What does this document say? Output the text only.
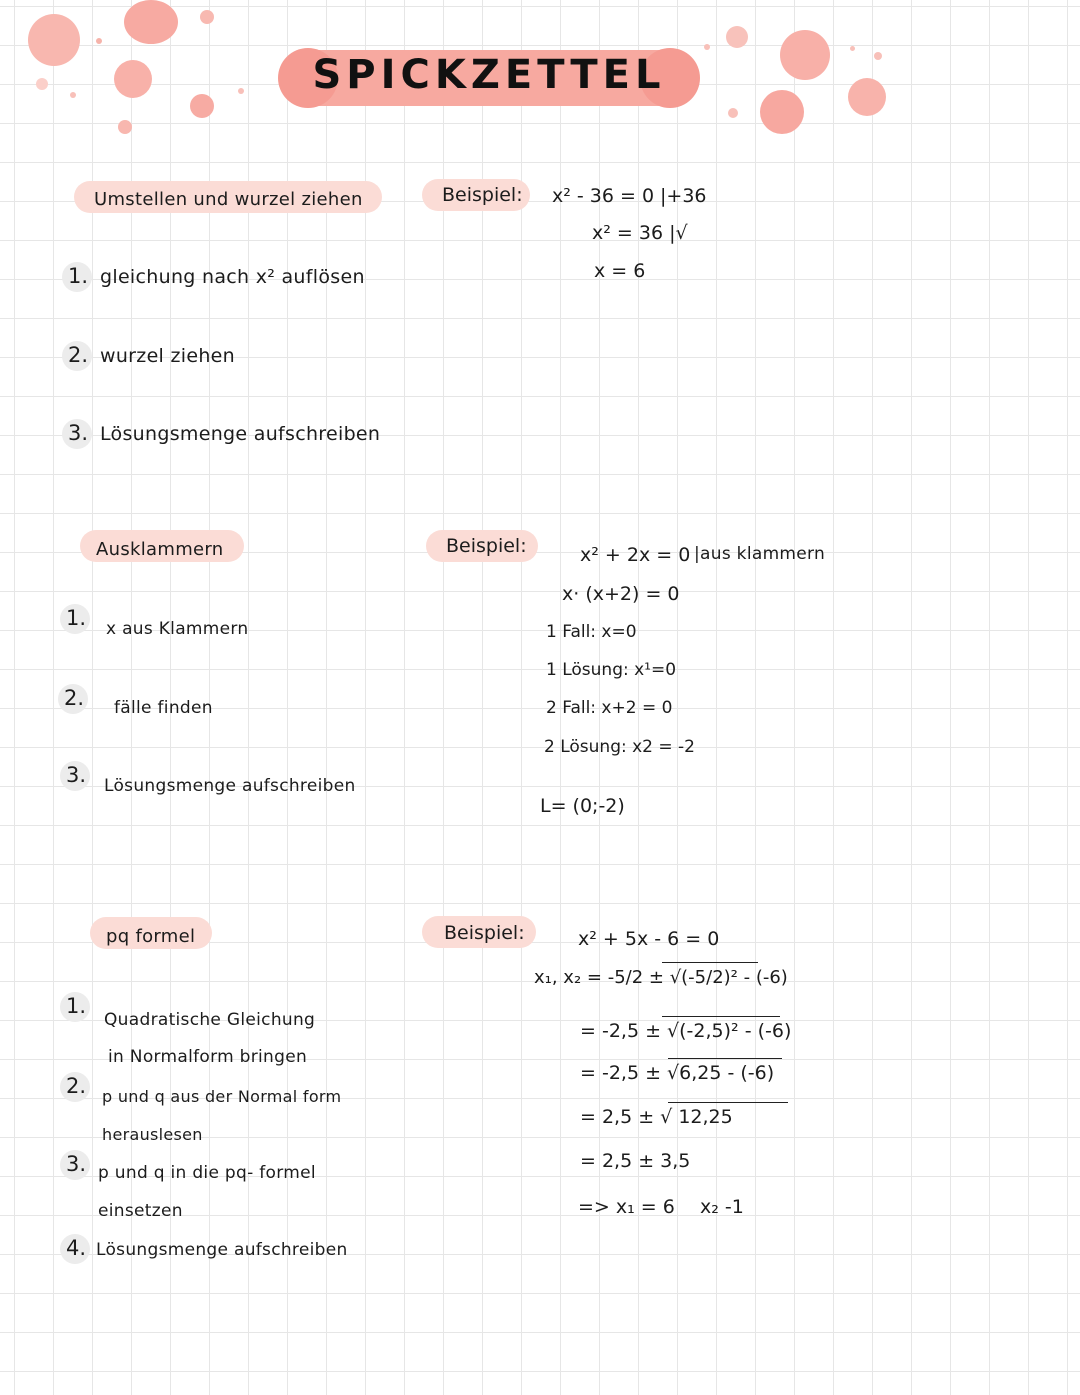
SPICKZETTEL
Umstellen und wurzel ziehen
1. gleichung nach x² auflösen
2. wurzel ziehen
3. Lösungsmenge aufschreiben
Beispiel: x² - 36 = 0 |+36
x² = 36 |√
x = 6
Ausklammern
1. x aus Klammern
2. fälle finden
3. Lösungsmenge aufschreiben
Beispiel:	x² + 2x = 0 |aus klammern
x· (x+2) = 0
1 Fall: x=0
1 Lösung: x¹=0
2 Fall: x+2 = 0
2 Lösung: x2 = -2
L= (0;-2)
pq formel
1.
Quadratische Gleichung
in Normalform bringen
2. p und q aus der Normal form
herauslesen
3. p und q in die pq- formel
einsetzen
4. Lösungsmenge aufschreiben
Beispiel:	x² + 5x - 6 = 0
x₁, x₂ = -5/2 ± √(-5/2)² - (-6)
= -2,5 ± √(-2,5)² - (-6)
= -2,5 ± √6,25 - (-6)
= 2,5 ± √ 12,25
= 2,5 ± 3,5
=> x₁ = 6 x₂ -1
